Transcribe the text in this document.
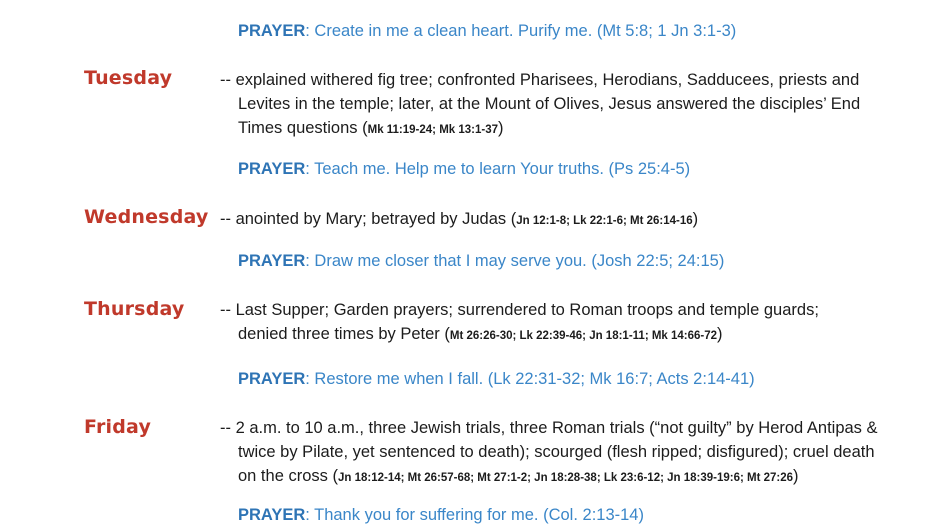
PRAYER: Create in me a clean heart. Purify me. (Mt 5:8; 1 Jn 3:1-3)
Tuesday	-- explained withered fig tree; confronted Pharisees, Herodians, Sadducees, priests and
Levites in the temple; later, at the Mount of Olives, Jesus answered the disciples’ End
Times questions (Mk 11:19-24; Mk 13:1-37)
PRAYER: Teach me. Help me to learn Your truths. (Ps 25:4-5)
Wednesday -- anointed by Mary; betrayed by Judas (Jn 12:1-8; Lk 22:1-6; Mt 26:14-16)
PRAYER: Draw me closer that I may serve you. (Josh 22:5; 24:15)
Thursday -- Last Supper; Garden prayers; surrendered to Roman troops and temple guards;
denied three times by Peter (Mt 26:26-30; Lk 22:39-46; Jn 18:1-11; Mk 14:66-72)
PRAYER: Restore me when I fall. (Lk 22:31-32; Mk 16:7; Acts 2:14-41)
Friday	-- 2 a.m. to 10 a.m., three Jewish trials, three Roman trials (“not guilty” by Herod Antipas &
twice by Pilate, yet sentenced to death); scourged (flesh ripped; disfigured); cruel death
on the cross (Jn 18:12-14; Mt 26:57-68; Mt 27:1-2; Jn 18:28-38; Lk 23:6-12; Jn 18:39-19:6; Mt 27:26)
PRAYER: Thank you for suffering for me. (Col. 2:13-14)
